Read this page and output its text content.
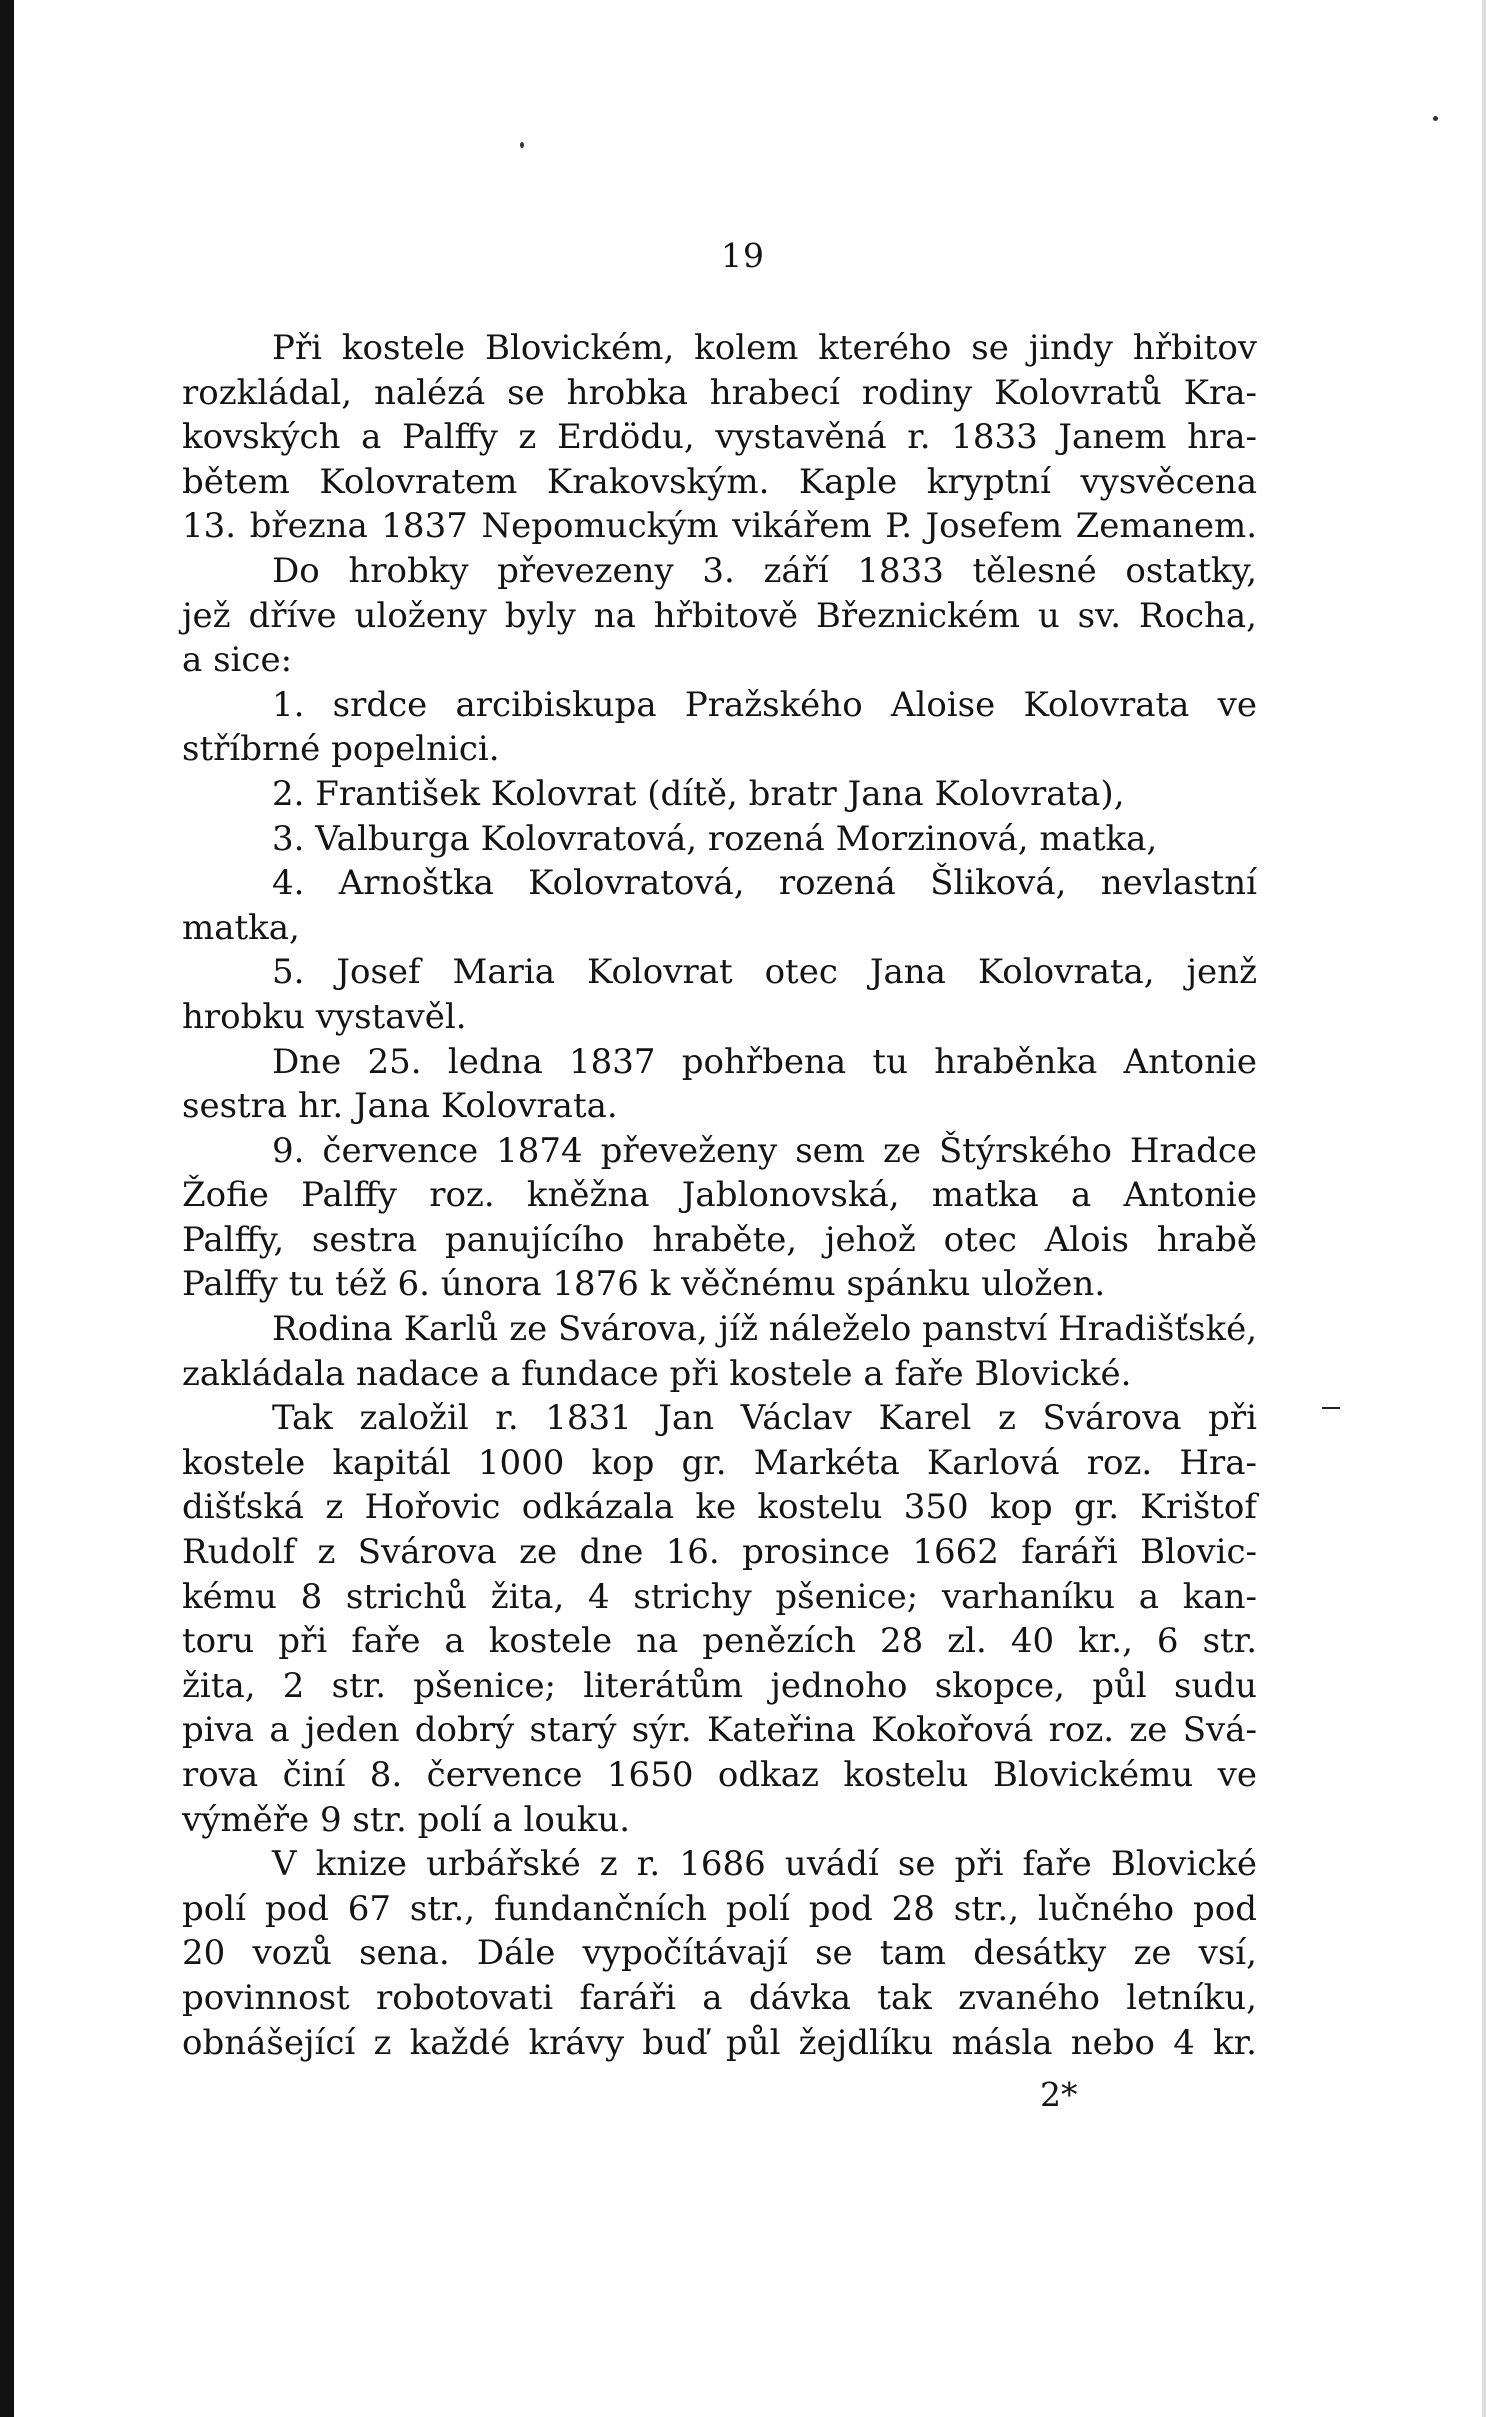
19
Při kostele Blovickém, kolem kterého se jindy hřbitov
rozkládal, nalézá se hrobka hrabecí rodiny Kolovratů Kra-
kovských a Palffy z Erdödu, vystavěná r. 1833 Janem hra-
bětem Kolovratem Krakovským. Kaple kryptní vysvěcena
13. března 1837 Nepomuckým vikářem P. Josefem Zemanem.
Do hrobky převezeny 3. září 1833 tělesné ostatky,
jež dříve uloženy byly na hřbitově Březnickém u sv. Rocha,
a sice:
1. srdce arcibiskupa Pražského Aloise Kolovrata ve
stříbrné popelnici.
2. František Kolovrat (dítě, bratr Jana Kolovrata),
3. Valburga Kolovratová, rozená Morzinová, matka,
4. Arnoštka Kolovratová, rozená Šliková, nevlastní
matka,
5. Josef Maria Kolovrat otec Jana Kolovrata, jenž
hrobku vystavěl.
Dne 25. ledna 1837 pohřbena tu hraběnka Antonie
sestra hr. Jana Kolovrata.
9. července 1874 převeženy sem ze Štýrského Hradce
Žofie Palffy roz. kněžna Jablonovská, matka a Antonie
Palffy, sestra panujícího hraběte, jehož otec Alois hrabě
Palffy tu též 6. února 1876 k věčnému spánku uložen.
Rodina Karlů ze Svárova, jíž náleželo panství Hradišťské,
zakládala nadace a fundace při kostele a faře Blovické.
Tak založil r. 1831 Jan Václav Karel z Svárova při
kostele kapitál 1000 kop gr. Markéta Karlová roz. Hra-
dišťská z Hořovic odkázala ke kostelu 350 kop gr. Krištof
Rudolf z Svárova ze dne 16. prosince 1662 faráři Blovic-
kému 8 strichů žita, 4 strichy pšenice; varhaníku a kan-
toru při faře a kostele na penězích 28 zl. 40 kr., 6 str.
žita, 2 str. pšenice; literátům jednoho skopce, půl sudu
piva a jeden dobrý starý sýr. Kateřina Kokořová roz. ze Svá-
rova činí 8. července 1650 odkaz kostelu Blovickému ve
výměře 9 str. polí a louku.
V knize urbářské z r. 1686 uvádí se při faře Blovické
polí pod 67 str., fundančních polí pod 28 str., lučného pod
20 vozů sena. Dále vypočítávají se tam desátky ze vsí,
povinnost robotovati faráři a dávka tak zvaného letníku,
obnášející z každé krávy buď půl žejdlíku másla nebo 4 kr.
2*
